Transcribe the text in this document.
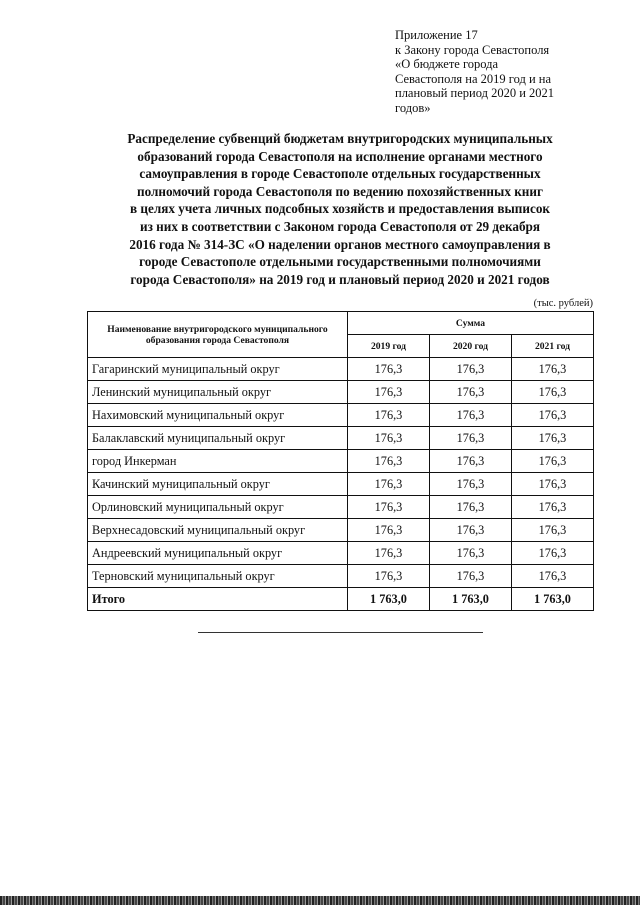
Приложение 17
к Закону города Севастополя
«О бюджете города
Севастополя на 2019 год и на
плановый период 2020 и 2021
годов»
Распределение субвенций бюджетам внутригородских муниципальных
образований города Севастополя на исполнение органами местного
самоуправления в городе Севастополе отдельных государственных
полномочий города Севастополя по ведению похозяйственных книг
в целях учета личных подсобных хозяйств и предоставления выписок
из них в соответствии с Законом города Севастополя от 29 декабря
2016 года № 314-ЗС «О наделении органов местного самоуправления в
городе Севастополе отдельными государственными полномочиями
города Севастополя» на 2019 год и плановый период 2020 и 2021 годов
(тыс. рублей)
Наименование внутригородского муниципального образования города Севастополя	Сумма		
	2019 год	2020 год	2021 год
Гагаринский муниципальный округ	176,3	176,3	176,3
Ленинский муниципальный округ	176,3	176,3	176,3
Нахимовский муниципальный округ	176,3	176,3	176,3
Балаклавский муниципальный округ	176,3	176,3	176,3
город Инкерман	176,3	176,3	176,3
Качинский муниципальный округ	176,3	176,3	176,3
Орлиновский муниципальный округ	176,3	176,3	176,3
Верхнесадовский муниципальный округ	176,3	176,3	176,3
Андреевский муниципальный округ	176,3	176,3	176,3
Терновский муниципальный округ	176,3	176,3	176,3
Итого	1 763,0	1 763,0	1 763,0
